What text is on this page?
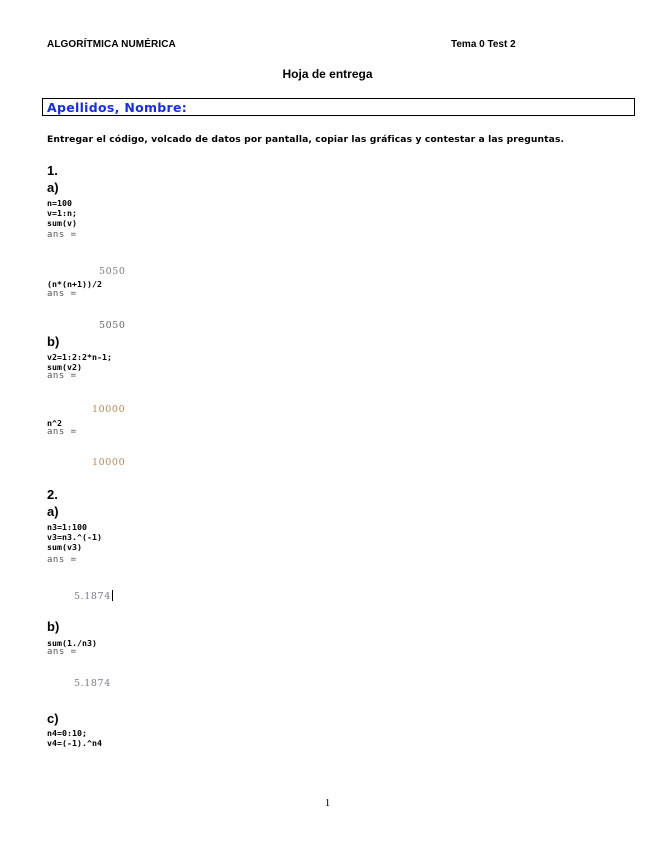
ALGORÍTMICA NUMÉRICA	Tema 0 Test 2
Hoja de entrega
Apellidos, Nombre:
Entregar el código, volcado de datos por pantalla, copiar las gráficas y contestar a las preguntas.
1.
a)
n=100
v=1:n;
sum(v)
ans =
5050
(n*(n+1))/2
ans =
5050
b)
v2=1:2:2*n-1;
sum(v2)
ans =
10000
n^2
ans =
10000
2.
a)
n3=1:100
v3=n3.^(-1)
sum(v3)
ans =
5.1874
b)
sum(1./n3)
ans =
5.1874
c)
n4=0:10;
v4=(-1).^n4
1
